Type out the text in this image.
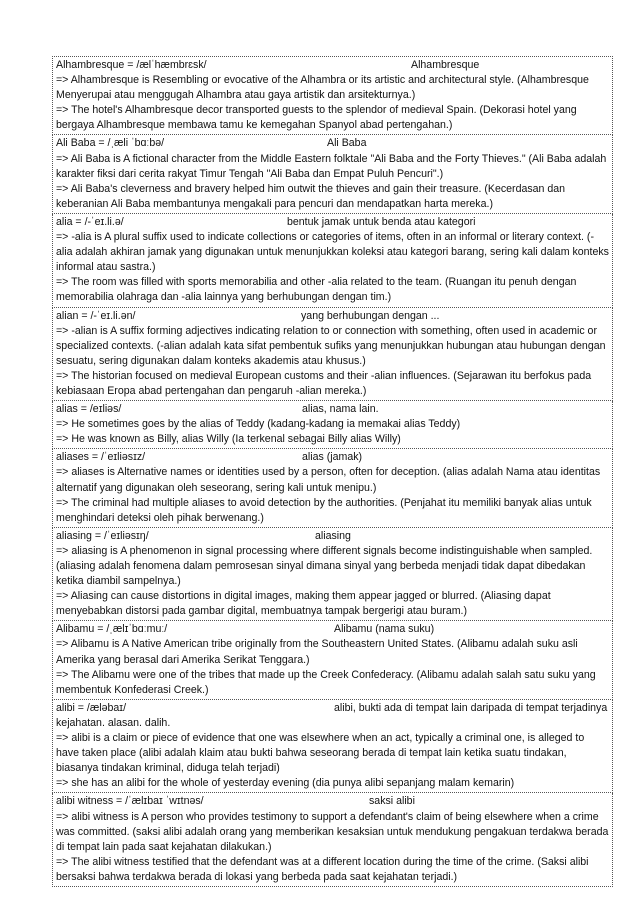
Alhambresque = /ælˈhæmbrɛsk/	Alhambresque
=> Alhambresque is Resembling or evocative of the Alhambra or its artistic and architectural style. (Alhambresque Menyerupai atau menggugah Alhambra atau gaya artistik dan arsitekturnya.)
=> The hotel's Alhambresque decor transported guests to the splendor of medieval Spain. (Dekorasi hotel yang bergaya Alhambresque membawa tamu ke kemegahan Spanyol abad pertengahan.)
Ali Baba = /ˌæli ˈbɑːbə/	Ali Baba
=> Ali Baba is A fictional character from the Middle Eastern folktale "Ali Baba and the Forty Thieves." (Ali Baba adalah karakter fiksi dari cerita rakyat Timur Tengah "Ali Baba dan Empat Puluh Pencuri".)
=> Ali Baba's cleverness and bravery helped him outwit the thieves and gain their treasure. (Kecerdasan dan keberanian Ali Baba membantunya mengakali para pencuri dan mendapatkan harta mereka.)
alia = /-ˈeɪ.li.ə/	bentuk jamak untuk benda atau kategori
=> -alia is A plural suffix used to indicate collections or categories of items, often in an informal or literary context. (-alia adalah akhiran jamak yang digunakan untuk menunjukkan koleksi atau kategori barang, sering kali dalam konteks informal atau sastra.)
=> The room was filled with sports memorabilia and other -alia related to the team. (Ruangan itu penuh dengan memorabilia olahraga dan -alia lainnya yang berhubungan dengan tim.)
alian = /-ˈeɪ.li.ən/	yang berhubungan dengan ...
=> -alian is A suffix forming adjectives indicating relation to or connection with something, often used in academic or specialized contexts. (-alian adalah kata sifat pembentuk sufiks yang menunjukkan hubungan atau hubungan dengan sesuatu, sering digunakan dalam konteks akademis atau khusus.)
=> The historian focused on medieval European customs and their -alian influences. (Sejarawan itu berfokus pada kebiasaan Eropa abad pertengahan dan pengaruh -alian mereka.)
alias = /eɪliəs/	alias, nama lain.
=> He sometimes goes by the alias of Teddy (kadang-kadang ia memakai alias Teddy)
=> He was known as Billy, alias Willy (Ia terkenal sebagai Billy alias Willy)
aliases = /ˈeɪliəsɪz/	alias (jamak)
=> aliases is Alternative names or identities used by a person, often for deception. (alias adalah Nama atau identitas alternatif yang digunakan oleh seseorang, sering kali untuk menipu.)
=> The criminal had multiple aliases to avoid detection by the authorities. (Penjahat itu memiliki banyak alias untuk menghindari deteksi oleh pihak berwenang.)
aliasing = /ˈeɪliəsɪŋ/	aliasing
=> aliasing is A phenomenon in signal processing where different signals become indistinguishable when sampled. (aliasing adalah fenomena dalam pemrosesan sinyal dimana sinyal yang berbeda menjadi tidak dapat dibedakan ketika diambil sampelnya.)
=> Aliasing can cause distortions in digital images, making them appear jagged or blurred. (Aliasing dapat menyebabkan distorsi pada gambar digital, membuatnya tampak bergerigi atau buram.)
Alibamu = /ˌælɪˈbɑːmuː/	Alibamu (nama suku)
=> Alibamu is A Native American tribe originally from the Southeastern United States. (Alibamu adalah suku asli Amerika yang berasal dari Amerika Serikat Tenggara.)
=> The Alibamu were one of the tribes that made up the Creek Confederacy. (Alibamu adalah salah satu suku yang membentuk Konfederasi Creek.)
alibi = /æləbaɪ/	alibi, bukti ada di tempat lain daripada di tempat terjadinya
kejahatan. alasan. dalih.
=> alibi is a claim or piece of evidence that one was elsewhere when an act, typically a criminal one, is alleged to have taken place (alibi adalah klaim atau bukti bahwa seseorang berada di tempat lain ketika suatu tindakan, biasanya tindakan kriminal, diduga telah terjadi)
=> she has an alibi for the whole of yesterday evening (dia punya alibi sepanjang malam kemarin)
alibi witness = /ˈælɪbaɪ ˈwɪtnəs/	saksi alibi
=> alibi witness is A person who provides testimony to support a defendant's claim of being elsewhere when a crime was committed. (saksi alibi adalah orang yang memberikan kesaksian untuk mendukung pengakuan terdakwa berada di tempat lain pada saat kejahatan dilakukan.)
=> The alibi witness testified that the defendant was at a different location during the time of the crime. (Saksi alibi bersaksi bahwa terdakwa berada di lokasi yang berbeda pada saat kejahatan terjadi.)
